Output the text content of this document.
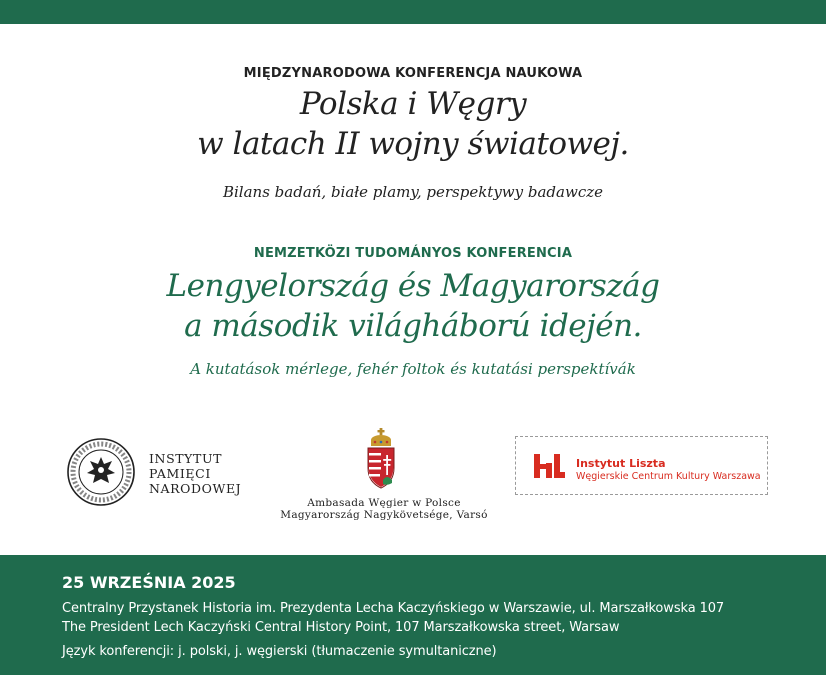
MIĘDZYNARODOWA KONFERENCJA NAUKOWA
Polska i Węgry
w latach II wojny światowej.
Bilans badań, białe plamy, perspektywy badawcze
NEMZETKÖZI TUDOMÁNYOS KONFERENCIA
Lengyelország és Magyarország
a második világháború idején.
A kutatások mérlege, fehér foltok és kutatási perspektívák
INSTYTUT
PAMIĘCI
NARODOWEJ
Ambasada Węgier w Polsce
Magyarország Nagykövetsége, Varsó
Instytut Liszta
Węgierskie Centrum Kultury Warszawa
25 WRZEŚNIA 2025
Centralny Przystanek Historia im. Prezydenta Lecha Kaczyńskiego w Warszawie, ul. Marszałkowska 107
The President Lech Kaczyński Central History Point, 107 Marszałkowska street, Warsaw
Język konferencji: j. polski, j. węgierski (tłumaczenie symultaniczne)
